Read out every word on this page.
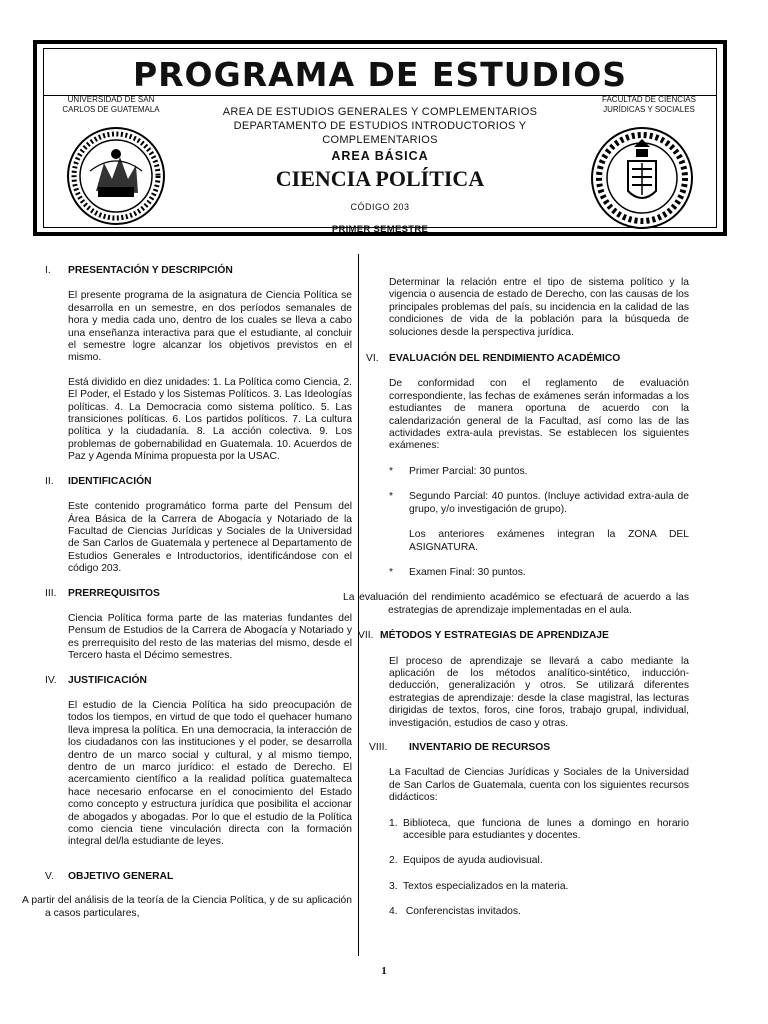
PROGRAMA DE ESTUDIOS
UNIVERSIDAD DE SAN
CARLOS DE GUATEMALA
FACULTAD DE CIENCIAS
JURÍDICAS Y SOCIALES
AREA DE ESTUDIOS GENERALES Y COMPLEMENTARIOS
DEPARTAMENTO DE ESTUDIOS INTRODUCTORIOS Y
COMPLEMENTARIOS
AREA BÁSICA
CIENCIA POLÍTICA
CÓDIGO 203
PRIMER SEMESTRE
I.	PRESENTACIÓN Y DESCRIPCIÓN

El presente programa de la asignatura de Ciencia Política se desarrolla en un semestre, en dos períodos semanales de hora y media cada uno, dentro de los cuales se lleva a cabo una enseñanza interactiva para que el estudiante, al concluir el semestre logre alcanzar los objetivos previstos en el mismo.

Está dividido en diez unidades: 1. La Política como Ciencia, 2. El Poder, el Estado y los Sistemas Políticos. 3. Las Ideologías políticas. 4. La Democracia como sistema político. 5. Las transiciones políticas. 6. Los partidos políticos. 7. La cultura política y la ciudadanía. 8. La acción colectiva. 9. Los problemas de gobernabilidad en Guatemala. 10. Acuerdos de Paz y Agenda Mínima propuesta por la USAC.

II.	IDENTIFICACIÓN

Este contenido programático forma parte del Pensum del Área Básica de la Carrera de Abogacía y Notariado de la Facultad de Ciencias Jurídicas y Sociales de la Universidad de San Carlos de Guatemala y pertenece al Departamento de Estudios Generales e Introductorios, identificándose con el código 203.

III.	PRERREQUISITOS

Ciencia Política forma parte de las materias fundantes del Pensum de Estudios de la Carrera de Abogacía y Notariado y es prerrequisito del resto de las materias del mismo, desde el Tercero hasta el Décimo semestres.

IV.	JUSTIFICACIÓN

El estudio de la Ciencia Política ha sido preocupación de todos los tiempos, en virtud de que todo el quehacer humano lleva impresa la política. En una democracia, la interacción de los ciudadanos con las instituciones y el poder, se desarrolla dentro de un marco social y cultural, y al mismo tiempo, dentro de un marco jurídico: el estado de Derecho. El acercamiento científico a la realidad política guatemalteca hace necesario enfocarse en el conocimiento del Estado como concepto y estructura jurídica que posibilita el accionar de abogados y abogadas. Por lo que el estudio de la Política como ciencia tiene vinculación directa con la formación integral del/la estudiante de leyes.

V.	OBJETIVO GENERAL

A partir del análisis de la teoría de la Ciencia Política, y de su aplicación a casos particulares,

Determinar la relación entre el tipo de sistema político y la vigencia o ausencia de estado de Derecho, con las causas de los principales problemas del país, su incidencia en la calidad de las condiciones de vida de la población para la búsqueda de soluciones desde la perspectiva jurídica.

VI.	EVALUACIÓN DEL RENDIMIENTO ACADÉMICO

De conformidad con el reglamento de evaluación correspondiente, las fechas de exámenes serán informadas a los estudiantes de manera oportuna de acuerdo con la calendarización general de la Facultad, así como las de las actividades extra-aula previstas. Se establecen los siguientes exámenes:

*	Primer Parcial: 30 puntos.
*	Segundo Parcial: 40 puntos. (Incluye actividad extra-aula de grupo, y/o investigación de grupo).
Los anteriores exámenes integran la ZONA DEL ASIGNATURA.
*	Examen Final: 30 puntos.

La evaluación del rendimiento académico se efectuará de acuerdo a las estrategias de aprendizaje implementadas en el aula.

VII. MÉTODOS Y ESTRATEGIAS DE APRENDIZAJE

El proceso de aprendizaje se llevará a cabo mediante la aplicación de los métodos analítico-sintético, inducción-deducción, generalización y otros. Se utilizará diferentes estrategias de aprendizaje: desde la clase magistral, las lecturas dirigidas de textos, foros, cine foros, trabajo grupal, individual, investigación, estudios de caso y otras.

VIII.	INVENTARIO DE RECURSOS

La Facultad de Ciencias Jurídicas y Sociales de la Universidad de San Carlos de Guatemala, cuenta con los siguientes recursos didácticos:

1. Biblioteca, que funciona de lunes a domingo en horario accesible para estudiantes y docentes.
2. Equipos de ayuda audiovisual.
3. Textos especializados en la materia.
4. Conferencistas invitados.
1
